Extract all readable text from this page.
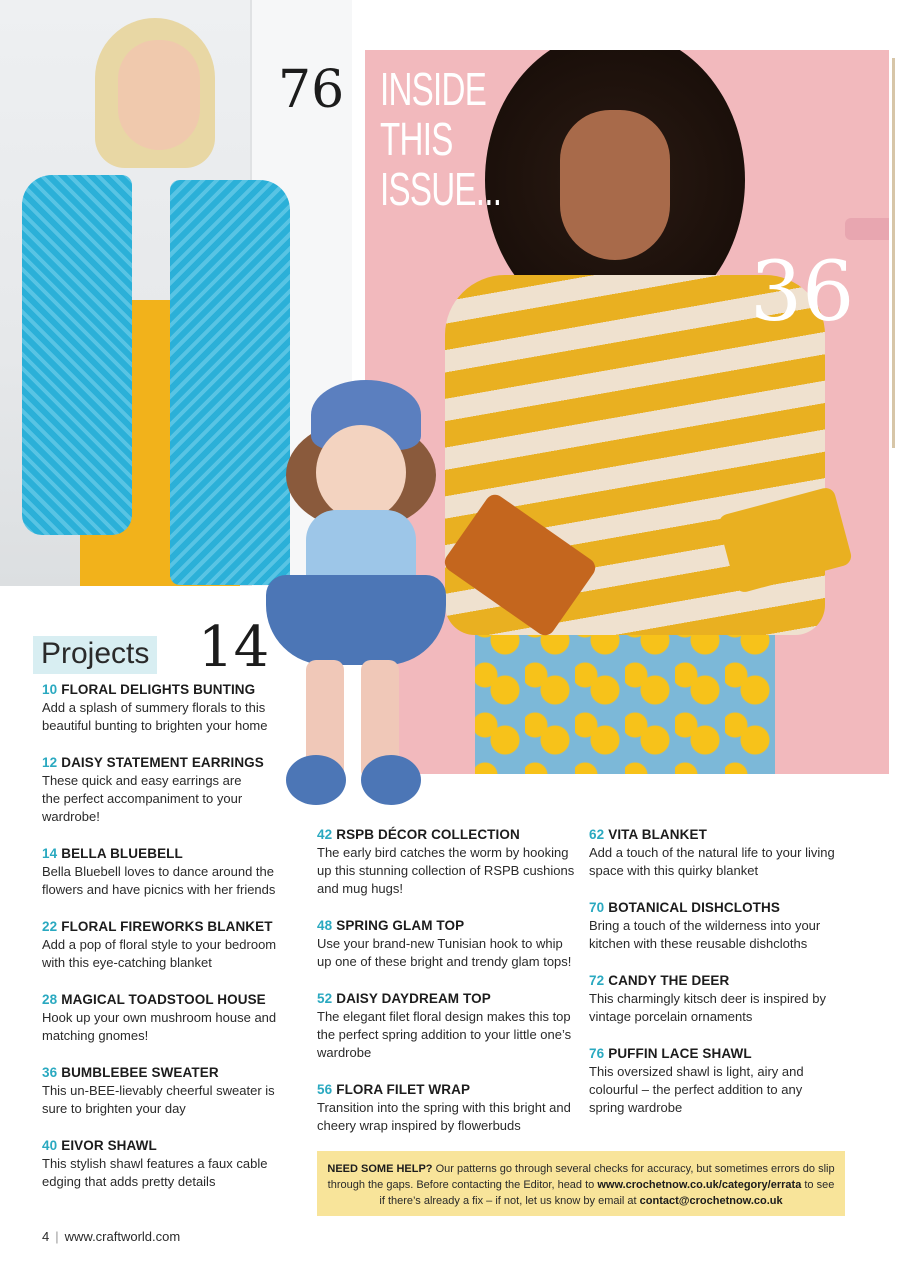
76
36
14
INSIDE
THIS
ISSUE...
Projects
10 FLORAL DELIGHTS BUNTING
Add a splash of summery florals to this beautiful bunting to brighten your home
12 DAISY STATEMENT EARRINGS
These quick and easy earrings are the perfect accompaniment to your wardrobe!
14 BELLA BLUEBELL
Bella Bluebell loves to dance around the flowers and have picnics with her friends
22 FLORAL FIREWORKS BLANKET
Add a pop of floral style to your bedroom with this eye-catching blanket
28 MAGICAL TOADSTOOL HOUSE
Hook up your own mushroom house and matching gnomes!
36 BUMBLEBEE SWEATER
This un-BEE-lievably cheerful sweater is sure to brighten your day
40 EIVOR SHAWL
This stylish shawl features a faux cable edging that adds pretty details
42 RSPB DÉCOR COLLECTION
The early bird catches the worm by hooking up this stunning collection of RSPB cushions and mug hugs!
48 SPRING GLAM TOP
Use your brand-new Tunisian hook to whip up one of these bright and trendy glam tops!
52 DAISY DAYDREAM TOP
The elegant filet floral design makes this top the perfect spring addition to your little one’s wardrobe
56 FLORA FILET WRAP
Transition into the spring with this bright and cheery wrap inspired by flowerbuds
62 VITA BLANKET
Add a touch of the natural life to your living space with this quirky blanket
70 BOTANICAL DISHCLOTHS
Bring a touch of the wilderness into your kitchen with these reusable dishcloths
72 CANDY THE DEER
This charmingly kitsch deer is inspired by vintage porcelain ornaments
76 PUFFIN LACE SHAWL
This oversized shawl is light, airy and colourful – the perfect addition to any spring wardrobe
NEED SOME HELP? Our patterns go through several checks for accuracy, but sometimes errors do slip through the gaps. Before contacting the Editor, head to www.crochetnow.co.uk/category/errata to see if there’s already a fix – if not, let us know by email at contact@crochetnow.co.uk
4 | www.craftworld.com
